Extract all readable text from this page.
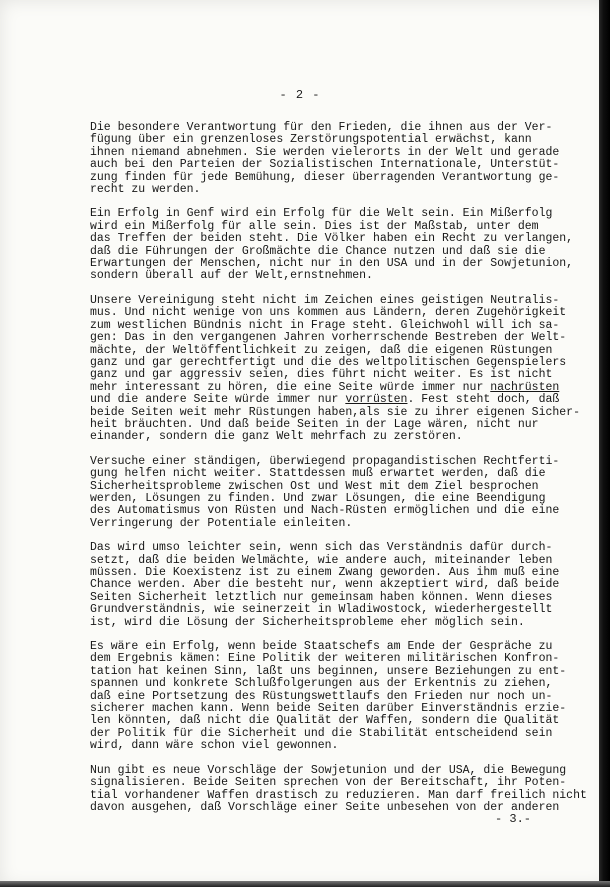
- 2 -
Die besondere Verantwortung für den Frieden, die ihnen aus der Ver-
fügung über ein grenzenloses Zerstörungspotential erwächst, kann
ihnen niemand abnehmen. Sie werden vielerorts in der Welt und gerade
auch bei den Parteien der Sozialistischen Internationale, Unterstüt-
zung finden für jede Bemühung, dieser überragenden Verantwortung ge-
recht zu werden.
Ein Erfolg in Genf wird ein Erfolg für die Welt sein. Ein Mißerfolg
wird ein Mißerfolg für alle sein. Dies ist der Maßstab, unter dem
das Treffen der beiden steht. Die Völker haben ein Recht zu verlangen,
daß die Führungen der Großmächte die Chance nutzen und daß sie die
Erwartungen der Menschen, nicht nur in den USA und in der Sowjetunion,
sondern überall auf der Welt,ernstnehmen.
Unsere Vereinigung steht nicht im Zeichen eines geistigen Neutralis-
mus. Und nicht wenige von uns kommen aus Ländern, deren Zugehörigkeit
zum westlichen Bündnis nicht in Frage steht. Gleichwohl will ich sa-
gen: Das in den vergangenen Jahren vorherrschende Bestreben der Welt-
mächte, der Weltöffentlichkeit zu zeigen, daß die eigenen Rüstungen
ganz und gar gerechtfertigt und die des weltpolitischen Gegenspielers
ganz und gar aggressiv seien, dies führt nicht weiter. Es ist nicht
mehr interessant zu hören, die eine Seite würde immer nur nachrüsten
und die andere Seite würde immer nur vorrüsten. Fest steht doch, daß
beide Seiten weit mehr Rüstungen haben,als sie zu ihrer eigenen Sicher-
heit bräuchten. Und daß beide Seiten in der Lage wären, nicht nur
einander, sondern die ganz Welt mehrfach zu zerstören.
Versuche einer ständigen, überwiegend propagandistischen Rechtferti-
gung helfen nicht weiter. Stattdessen muß erwartet werden, daß die
Sicherheitsprobleme zwischen Ost und West mit dem Ziel besprochen
werden, Lösungen zu finden. Und zwar Lösungen, die eine Beendigung
des Automatismus von Rüsten und Nach-Rüsten ermöglichen und die eine
Verringerung der Potentiale einleiten.
Das wird umso leichter sein, wenn sich das Verständnis dafür durch-
setzt, daß die beiden Welmächte, wie andere auch, miteinander leben
müssen. Die Koexistenz ist zu einem Zwang geworden. Aus ihm muß eine
Chance werden. Aber die besteht nur, wenn akzeptiert wird, daß beide
Seiten Sicherheit letztlich nur gemeinsam haben können. Wenn dieses
Grundverständnis, wie seinerzeit in Wladiwostock, wiederhergestellt
ist, wird die Lösung der Sicherheitsprobleme eher möglich sein.
Es wäre ein Erfolg, wenn beide Staatschefs am Ende der Gespräche zu
dem Ergebnis kämen: Eine Politik der weiteren militärischen Konfron-
tation hat keinen Sinn, laßt uns beginnen, unsere Beziehungen zu ent-
spannen und konkrete Schlußfolgerungen aus der Erkentnis zu ziehen,
daß eine Portsetzung des Rüstungswettlaufs den Frieden nur noch un-
sicherer machen kann. Wenn beide Seiten darüber Einverständnis erzie-
len könnten, daß nicht die Qualität der Waffen, sondern die Qualität
der Politik für die Sicherheit und die Stabilität entscheidend sein
wird, dann wäre schon viel gewonnen.
Nun gibt es neue Vorschläge der Sowjetunion und der USA, die Bewegung
signalisieren. Beide Seiten sprechen von der Bereitschaft, ihr Poten-
tial vorhandener Waffen drastisch zu reduzieren. Man darf freilich nicht
davon ausgehen, daß Vorschläge einer Seite unbesehen von der anderen
- 3.-
